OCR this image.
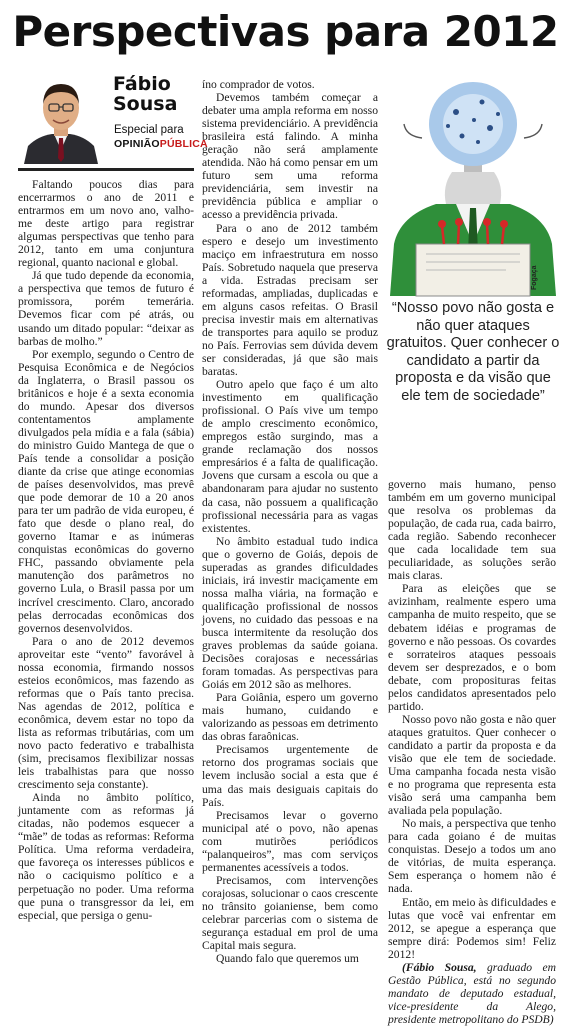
Perspectivas para 2012
Fábio
Sousa
Especial para
OPINIÃOPÚBLICA

Faltando poucos dias para encerrarmos o ano de 2011 e entrarmos em um novo ano, valho-me deste artigo para registrar algumas perspectivas que tenho para 2012, tanto em uma conjuntura regional, quanto nacional e global.

Já que tudo depende da economia, a perspectiva que temos de futuro é promissora, porém temerária. Devemos ficar com pé atrás, ou usando um ditado popular: “deixar as barbas de molho.”

Por exemplo, segundo o Centro de Pesquisa Econômica e de Negócios da Inglaterra, o Brasil passou os britânicos e hoje é a sexta economia do mundo. Apesar dos diversos contentamentos amplamente divulgados pela mídia e a fala (sábia) do ministro Guido Mantega de que o País tende a consolidar a posição diante da crise que atinge economias de países desenvolvidos, mas prevê que pode demorar de 10 a 20 anos para ter um padrão de vida europeu, é fato que desde o plano real, do governo Itamar e as inúmeras conquistas econômicas do governo FHC, passando obviamente pela manutenção dos parâmetros no governo Lula, o Brasil passa por um incrível crescimento. Claro, ancorado pelas derrocadas econômicas dos governos desenvolvidos.

Para o ano de 2012 devemos aproveitar este “vento” favorável à nossa economia, firmando nossos esteios econômicos, mas fazendo as reformas que o País tanto precisa. Nas agendas de 2012, política e econômica, devem estar no topo da lista as reformas tributárias, com um novo pacto federativo e trabalhista (sim, precisamos flexibilizar nossas leis trabalhistas para que nosso crescimento seja constante).

Ainda no âmbito político, juntamente com as reformas já citadas, não podemos esquecer a “mãe” de todas as reformas: Reforma Política. Uma reforma verdadeira, que favoreça os interesses públicos e não o caciquismo político e a perpetuação no poder. Uma reforma que puna o transgressor da lei, em especial, que persiga o genu-

íno comprador de votos.

Devemos também começar a debater uma ampla reforma em nosso sistema previdenciário. A previdência brasileira está falindo. A minha geração não será amplamente atendida. Não há como pensar em um futuro sem uma reforma previdenciária, sem investir na previdência pública e ampliar o acesso a previdência privada.

Para o ano de 2012 também espero e desejo um investimento maciço em infraestrutura em nosso País. Sobretudo naquela que preserva a vida. Estradas precisam ser reformadas, ampliadas, duplicadas e em alguns casos refeitas. O Brasil precisa investir mais em alternativas de transportes para aquilo se produz no País. Ferrovias sem dúvida devem ser consideradas, já que são mais baratas.

Outro apelo que faço é um alto investimento em qualificação profissional. O País vive um tempo de amplo crescimento econômico, empregos estão surgindo, mas a grande reclamação dos nossos empresários é a falta de qualificação. Jovens que cursam a escola ou que a abandonaram para ajudar no sustento da casa, não possuem a qualificação profissional necessária para as vagas existentes.

No âmbito estadual tudo indica que o governo de Goiás, depois de superadas as grandes dificuldades iniciais, irá investir maciçamente em nossa malha viária, na formação e qualificação profissional de nossos jovens, no cuidado das pessoas e na busca intermitente da resolução dos graves problemas da saúde goiana. Decisões corajosas e necessárias foram tomadas. As perspectivas para Goiás em 2012 são as melhores.

Para Goiânia, espero um governo mais humano, cuidando e valorizando as pessoas em detrimento das obras faraônicas.

Precisamos urgentemente de retorno dos programas sociais que levem inclusão social a esta que é uma das mais desiguais capitais do País.

Precisamos levar o governo municipal até o povo, não apenas com mutirões periódicos “palanqueiros”, mas com serviços permanentes acessíveis a todos.

Precisamos, com intervenções corajosas, solucionar o caos crescente no trânsito goianiense, bem como celebrar parcerias com o sistema de segurança estadual em prol de uma Capital mais segura.

Quando falo que queremos um

Fogaça
“Nosso povo não gosta e não quer ataques gratuitos. Quer conhecer o candidato a partir da proposta e da visão que ele tem de sociedade”

governo mais humano, penso também em um governo municipal que resolva os problemas da população, de cada rua, cada bairro, cada região. Sabendo reconhecer que cada localidade tem sua peculiaridade, as soluções serão mais claras.

Para as eleições que se avizinham, realmente espero uma campanha de muito respeito, que se debatem idéias e programas de governo e não pessoas. Os covardes e sorrateiros ataques pessoais devem ser desprezados, e o bom debate, com proposituras feitas pelos candidatos apresentados pelo partido.

Nosso povo não gosta e não quer ataques gratuitos. Quer conhecer o candidato a partir da proposta e da visão que ele tem de sociedade. Uma campanha focada nesta visão e no programa que representa esta visão será uma campanha bem avaliada pela população.

No mais, a perspectiva que tenho para cada goiano é de muitas conquistas. Desejo a todos um ano de vitórias, de muita esperança. Sem esperança o homem não é nada.

Então, em meio às dificuldades e lutas que você vai enfrentar em 2012, se apegue a esperança que sempre dirá: Podemos sim! Feliz 2012!

(Fábio Sousa, graduado em Gestão Pública, está no segundo mandato de deputado estadual, vice-presidente da Alego, presidente metropolitano do PSDB)
